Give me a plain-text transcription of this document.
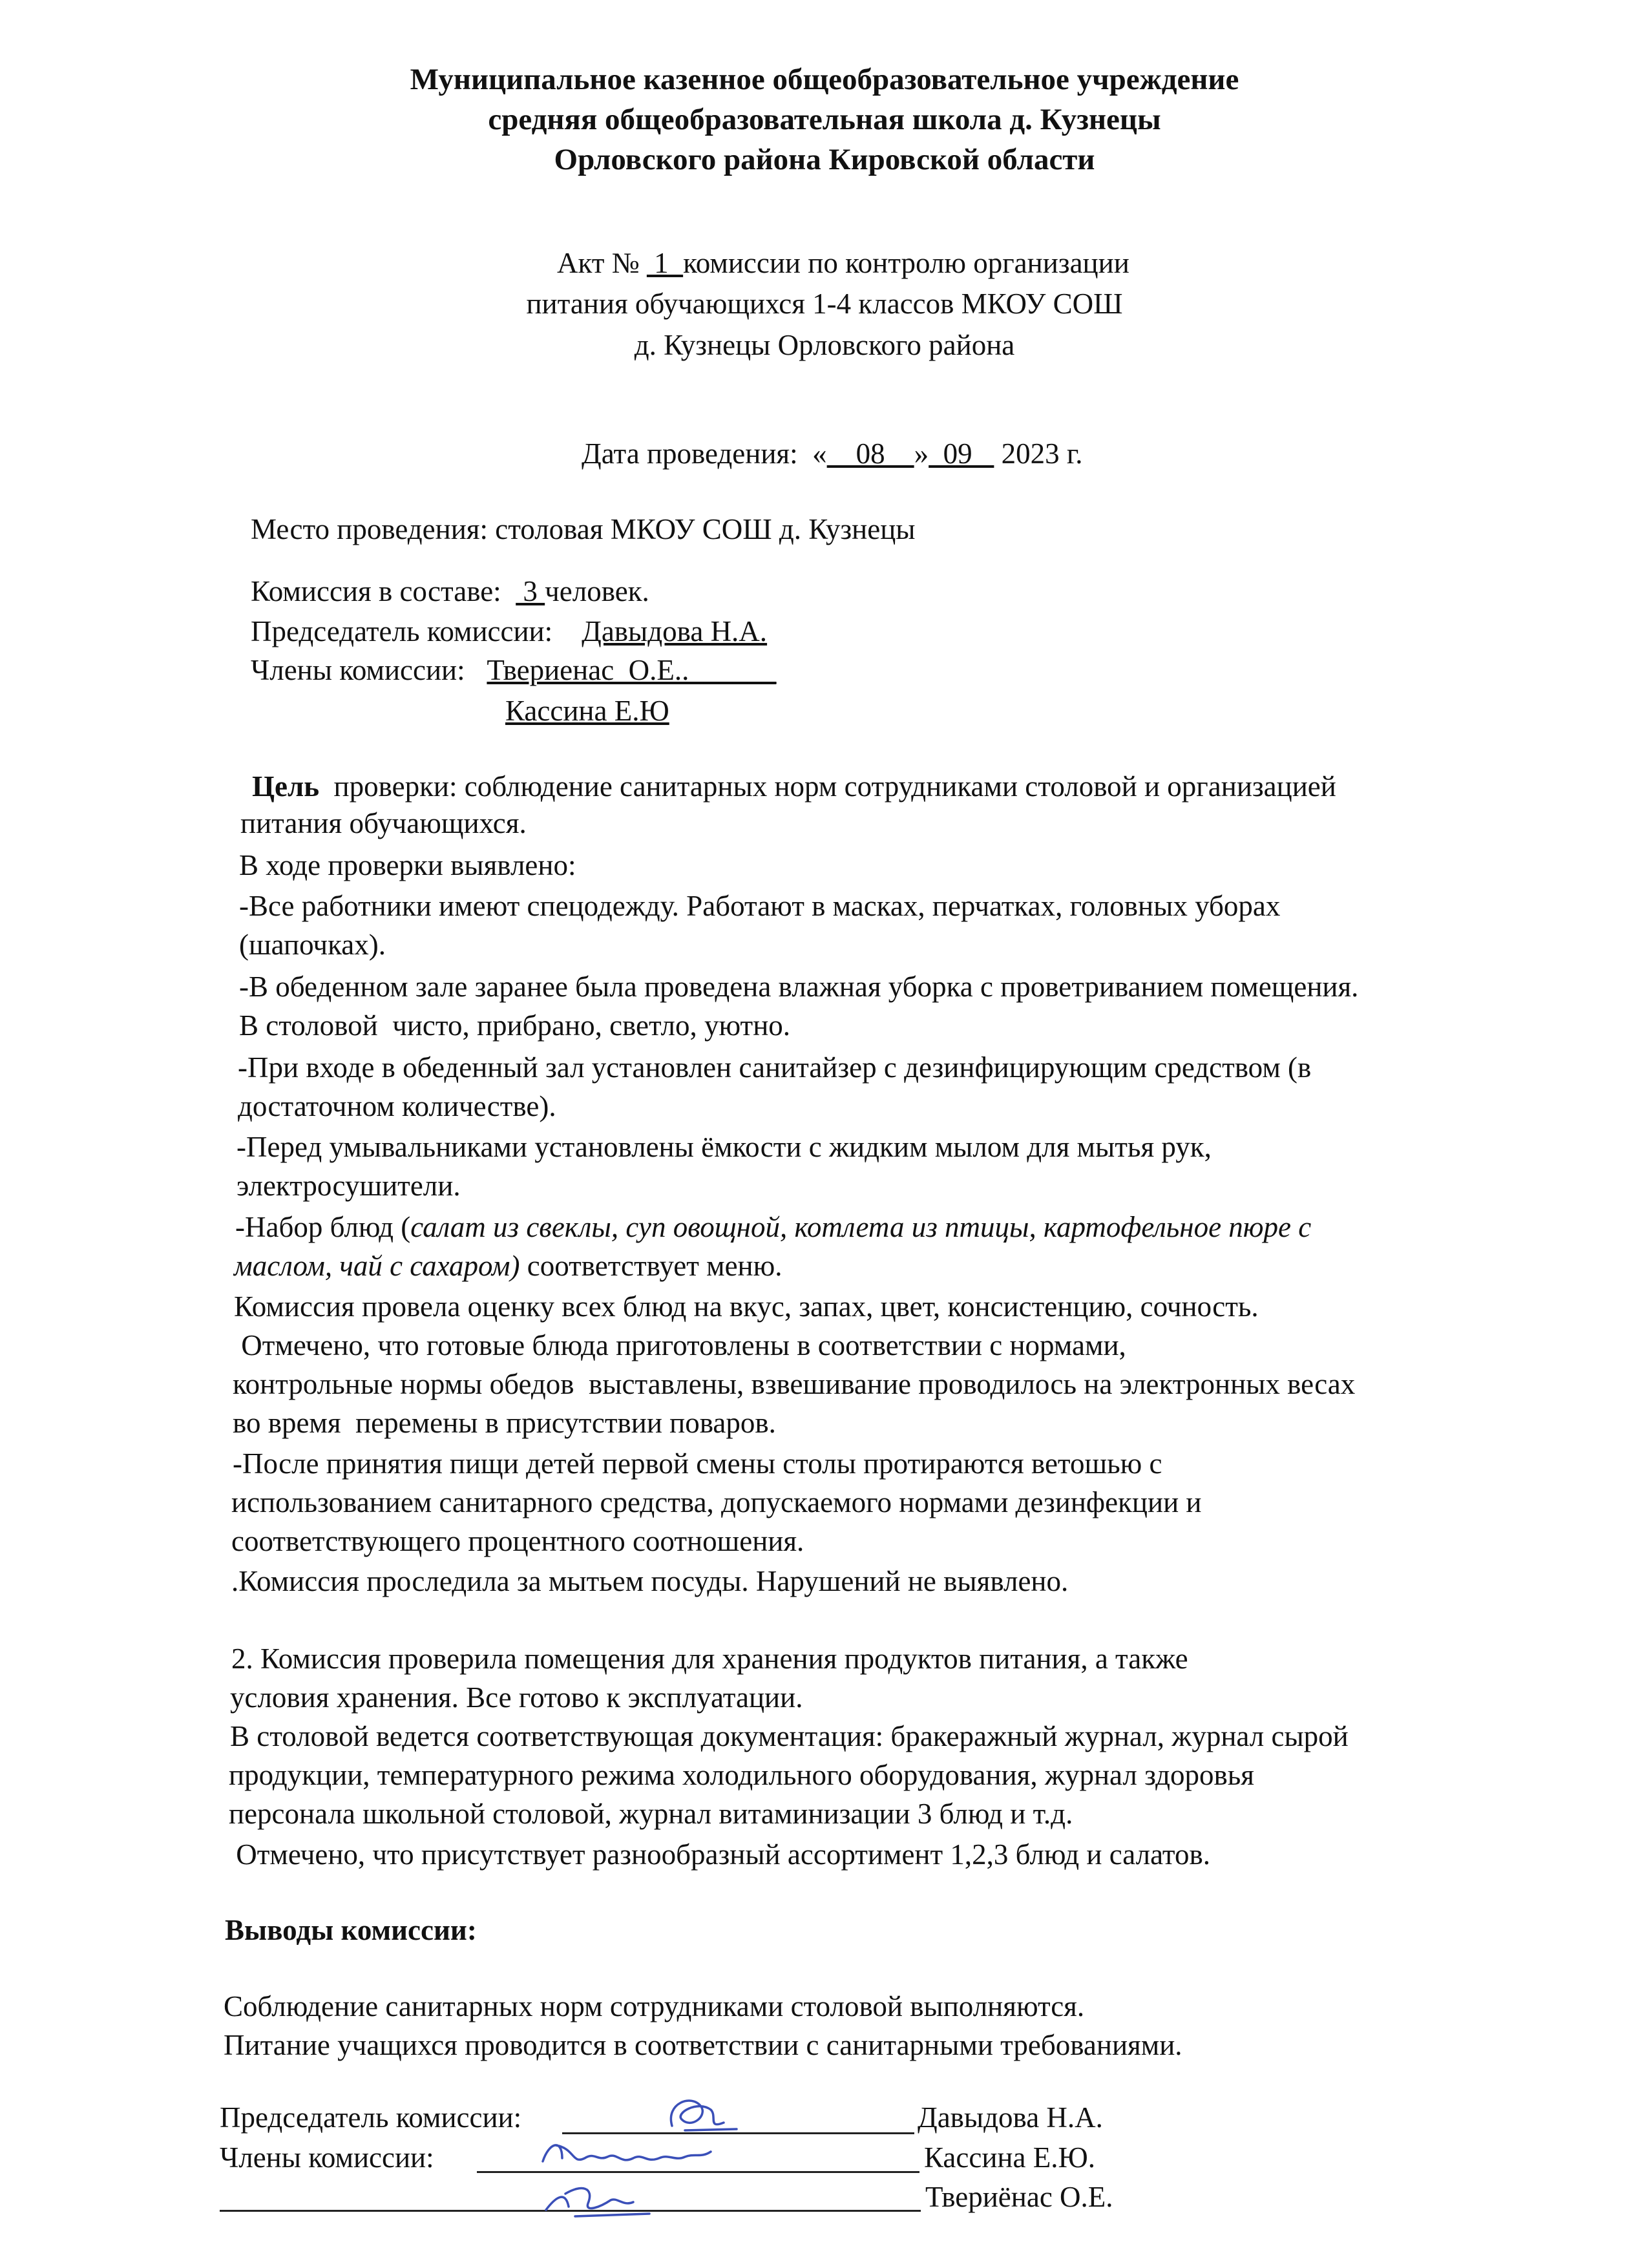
Муниципальное казенное общеобразовательное учреждение
средняя общеобразовательная школа д. Кузнецы
Орловского района Кировской области
Акт №  1  комиссии по контролю организации
питания обучающихся 1-4 классов МКОУ СОШ
д. Кузнецы Орловского района
Дата проведения:  «    08    »  09    2023 г.
Место проведения: столовая МКОУ СОШ д. Кузнецы
Комиссия в составе:   3 человек.
Председатель комиссии:    Давыдова Н.А.
Члены комиссии:   Твериенас  О.Е..______
Кассина Е.Ю
Цель  проверки: соблюдение санитарных норм сотрудниками столовой и организацией
питания обучающихся.
В ходе проверки выявлено:
-Все работники имеют спецодежду. Работают в масках, перчатках, головных уборах
(шапочках).
-В обеденном зале заранее была проведена влажная уборка с проветриванием помещения.
В столовой  чисто, прибрано, светло, уютно.
-При входе в обеденный зал установлен санитайзер с дезинфицирующим средством (в
достаточном количестве).
-Перед умывальниками установлены ёмкости с жидким мылом для мытья рук,
электросушители.
-Набор блюд (салат из свеклы, суп овощной, котлета из птицы, картофельное пюре с
маслом, чай с сахаром) соответствует меню.
Комиссия провела оценку всех блюд на вкус, запах, цвет, консистенцию, сочность.
Отмечено, что готовые блюда приготовлены в соответствии с нормами,
контрольные нормы обедов  выставлены, взвешивание проводилось на электронных весах
во время  перемены в присутствии поваров.
-После принятия пищи детей первой смены столы протираются ветошью с
использованием санитарного средства, допускаемого нормами дезинфекции и
соответствующего процентного соотношения.
.Комиссия проследила за мытьем посуды. Нарушений не выявлено.
2. Комиссия проверила помещения для хранения продуктов питания, а также
условия хранения. Все готово к эксплуатации.
В столовой ведется соответствующая документация: бракеражный журнал, журнал сырой
продукции, температурного режима холодильного оборудования, журнал здоровья
персонала школьной столовой, журнал витаминизации 3 блюд и т.д.
Отмечено, что присутствует разнообразный ассортимент 1,2,3 блюд и салатов.
Выводы комиссии:
Соблюдение санитарных норм сотрудниками столовой выполняются.
Питание учащихся проводится в соответствии с санитарными требованиями.
Председатель комиссии:	Давыдова Н.А.
Члены комиссии:	Кассина Е.Ю.
Твериёнас О.Е.
